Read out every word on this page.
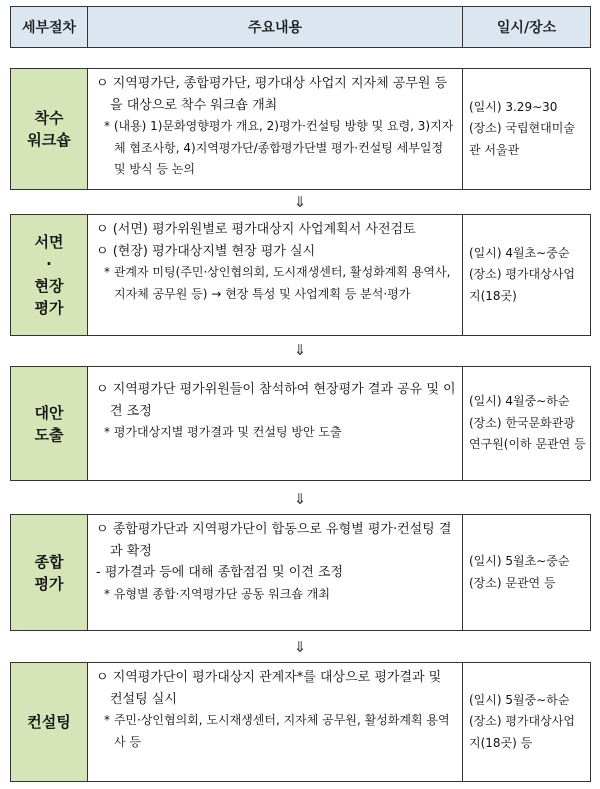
세부절차	주요내용	일시/장소
착수
워크숍

ㅇ 지역평가단, 종합평가단, 평가대상 사업지 지자체 공무원 등을 대상으로 착수 워크숍 개최

* (내용) 1)문화영향평가 개요, 2)평가·컨설팅 방향 및 요령, 3)지자체 협조사항, 4)지역평가단/종합평가단별 평가·컨설팅 세부일정 및 방식 등 논의

(일시) 3.29∼30
(장소) 국립현대미술관 서울관
⇓
서면
·
현장
평가

ㅇ (서면) 평가위원별로 평가대상지 사업계획서 사전검토

ㅇ (현장) 평가대상지별 현장 평가 실시

* 관계자 미팅(주민·상인협의회, 도시재생센터, 활성화계획 용역사, 지자체 공무원 등) → 현장 특성 및 사업계획 등 분석·평가

(일시) 4월초∼중순
(장소) 평가대상사업지(18곳)
⇓
대안
도출

ㅇ 지역평가단 평가위원들이 참석하여 현장평가 결과 공유 및 이견 조정

* 평가대상지별 평가결과 및 컨설팅 방안 도출

(일시) 4월중∼하순
(장소) 한국문화관광연구원(이하 문관연 등
⇓
종합
평가

ㅇ 종합평가단과 지역평가단이 합동으로 유형별 평가·컨설팅 결과 확정

- 평가결과 등에 대해 종합점검 및 이견 조정

* 유형별 종합·지역평가단 공동 워크숍 개최

(일시) 5월초∼중순
(장소) 문관연 등
⇓
컨설팅

ㅇ 지역평가단이 평가대상지 관계자*를 대상으로 평가결과 및 컨설팅 실시

* 주민·상인협의회, 도시재생센터, 지자체 공무원, 활성화계획 용역사 등

(일시) 5월중∼하순
(장소) 평가대상사업지(18곳) 등
